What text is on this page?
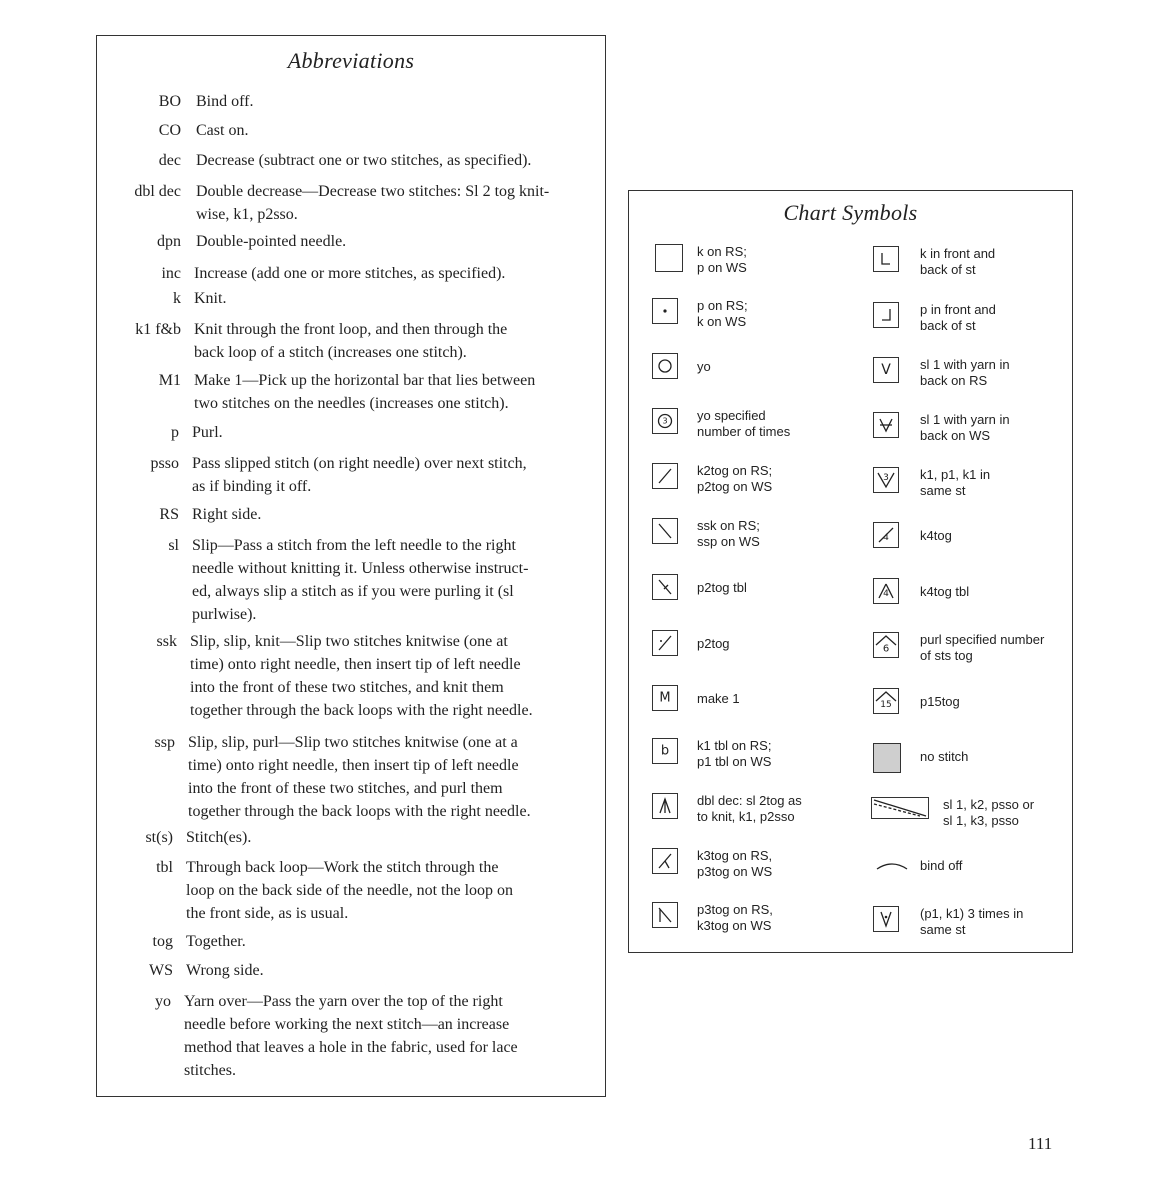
Abbreviations
BO Bind off.
CO Cast on.
dec Decrease (subtract one or two stitches, as specified).
dbl dec Double decrease—Decrease two stitches: Sl 2 tog knit-
wise, k1, p2sso.
dpn Double-pointed needle.
inc Increase (add one or more stitches, as specified).
k Knit.
k1 f&b Knit through the front loop, and then through the
back loop of a stitch (increases one stitch).
M1 Make 1—Pick up the horizontal bar that lies between
two stitches on the needles (increases one stitch).
p Purl.
psso Pass slipped stitch (on right needle) over next stitch,
as if binding it off.
RS Right side.
sl Slip—Pass a stitch from the left needle to the right
needle without knitting it. Unless otherwise instruct-
ed, always slip a stitch as if you were purling it (sl
purlwise).
ssk Slip, slip, knit—Slip two stitches knitwise (one at
time) onto right needle, then insert tip of left needle
into the front of these two stitches, and knit them
together through the back loops with the right needle.
ssp Slip, slip, purl—Slip two stitches knitwise (one at a
time) onto right needle, then insert tip of left needle
into the front of these two stitches, and purl them
together through the back loops with the right needle.
st(s) Stitch(es).
tbl Through back loop—Work the stitch through the
loop on the back side of the needle, not the loop on
the front side, as is usual.
tog Together.
WS Wrong side.
yo Yarn over—Pass the yarn over the top of the right
needle before working the next stitch—an increase
method that leaves a hole in the fabric, used for lace
stitches.
Chart Symbols
k on RS;
p on WS
p on RS;
k on WS
yo
3 yo specified
number of times
k2tog on RS;
p2tog on WS
ssk on RS;
ssp on WS
p2tog tbl
p2tog
M make 1
b k1 tbl on RS;
p1 tbl on WS
dbl dec: sl 2tog as
to knit, k1, p2sso
k3tog on RS,
p3tog on WS
p3tog on RS,
k3tog on WS
k in front and
back of st
p in front and
back of st
V sl 1 with yarn in
back on RS
sl 1 with yarn in
back on WS
3 k1, p1, k1 in
same st
4 k4tog
4 k4tog tbl
6
purl specified number
of sts tog
15 p15tog
no stitch
sl 1, k2, psso or
sl 1, k3, psso
bind off
(p1, k1) 3 times in
same st
111
